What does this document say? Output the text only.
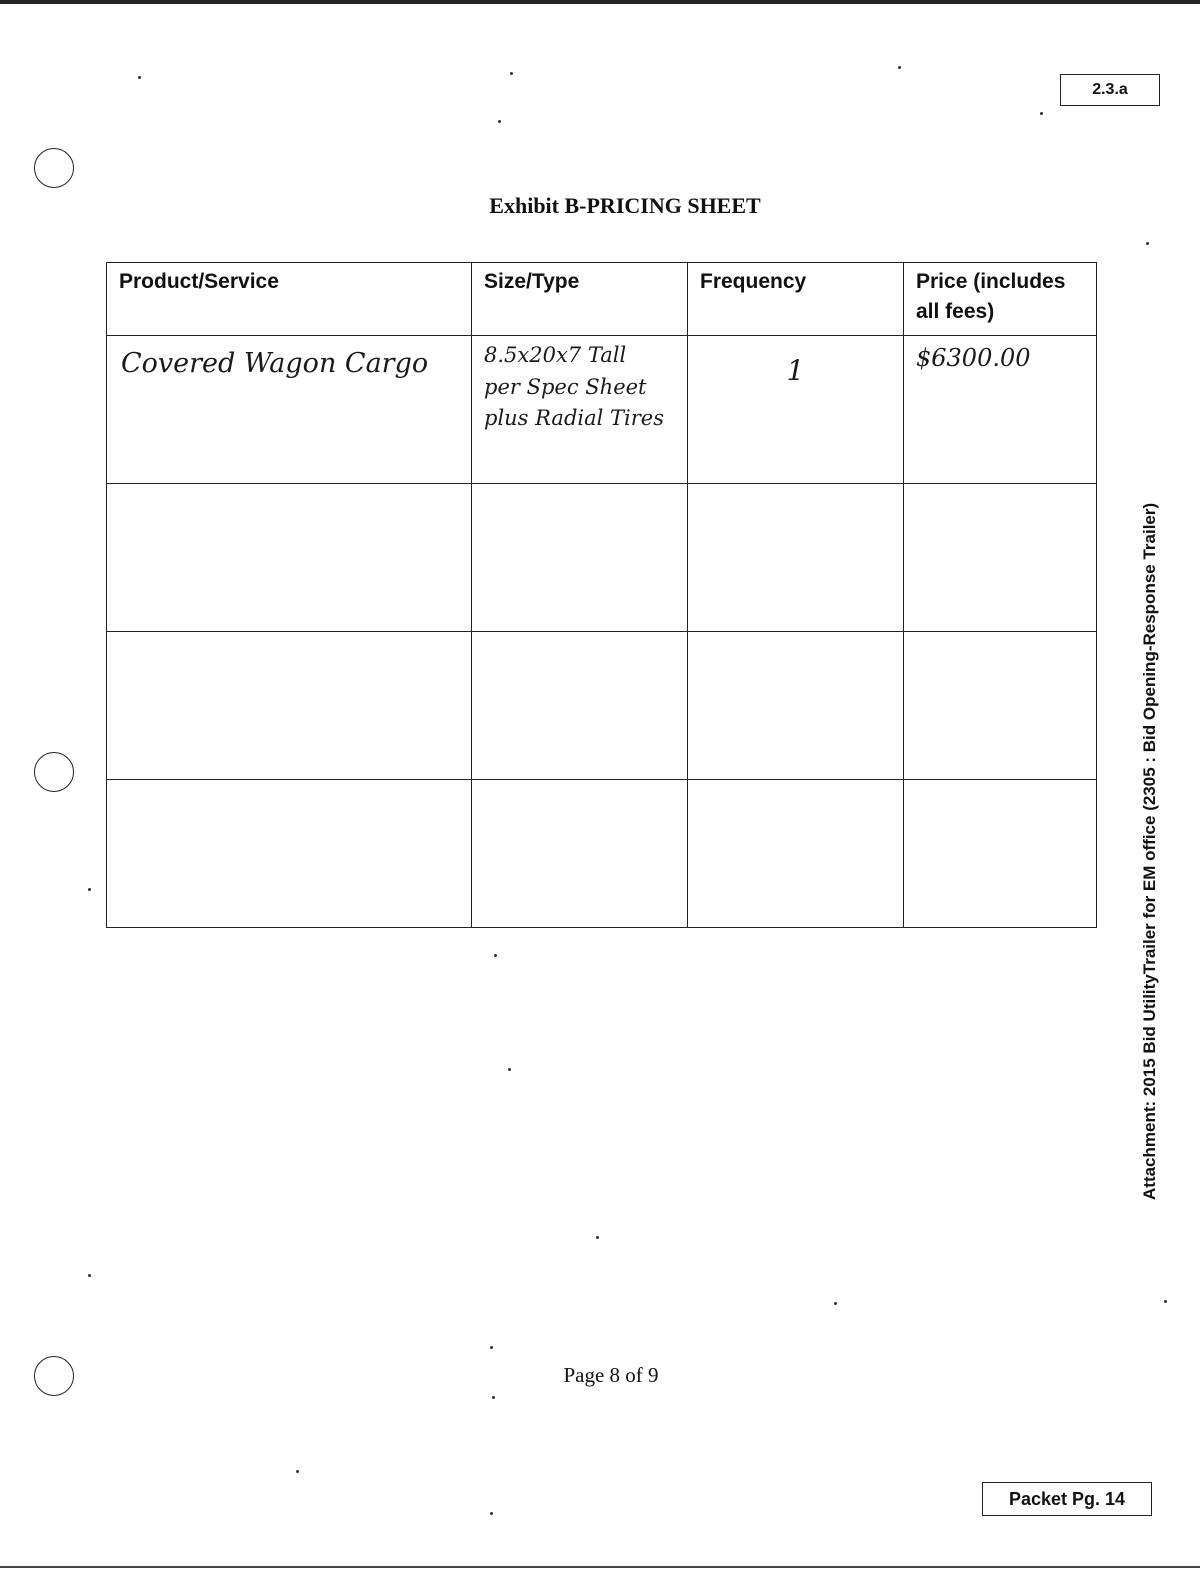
2.3.a
Exhibit B-PRICING SHEET
Product/Service	Size/Type	Frequency	Price (includes all fees)

Covered Wagon Cargo	8.5x20x7 Tall
per Spec Sheet
plus Radial Tires	1	$6300.00

Attachment: 2015 Bid UtilityTrailer for EM office (2305 : Bid Opening-Response Trailer)
Page 8 of 9
Packet Pg. 14
